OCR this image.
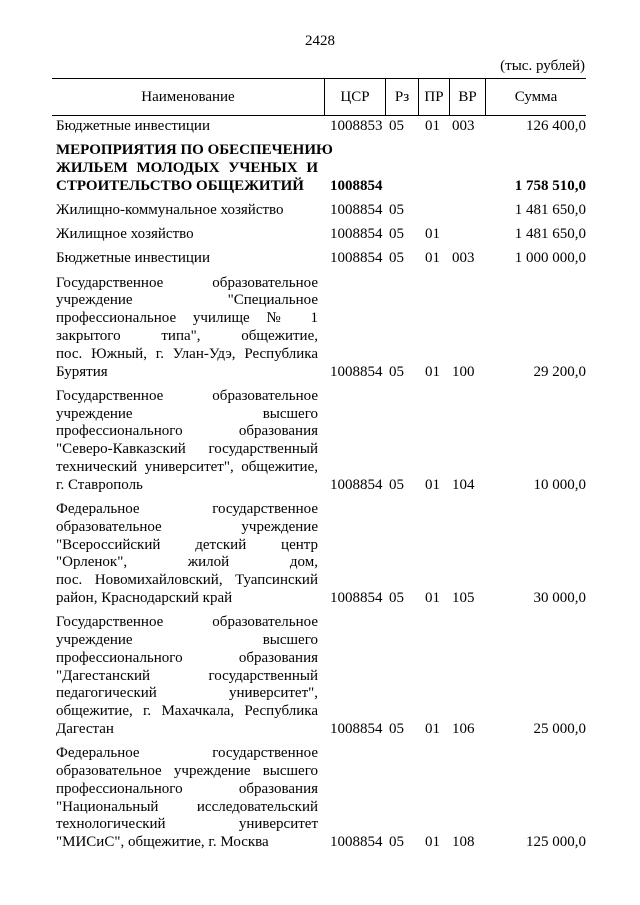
2428
(тыс. рублей)
Наименование	ЦСР	Рз	ПР ВР	Сумма
Бюджетные инвестиции	1008853 05 01 003	126 400,0
МЕРОПРИЯТИЯ ПО ОБЕСПЕЧЕНИЮ
ЖИЛЬЕМ МОЛОДЫХ УЧЕНЫХ И
СТРОИТЕЛЬСТВО ОБЩЕЖИТИЙ	1008854	1 758 510,0
Жилищно-коммунальное хозяйство	1008854 05	1 481 650,0
Жилищное хозяйство	1008854 05 01	1 481 650,0
Бюджетные инвестиции	1008854 05 01 003	1 000 000,0
Государственное образовательное
учреждение "Специальное
профессиональное училище № 1
закрытого типа", общежитие,
пос. Южный, г. Улан-Удэ, Республика
Бурятия	1008854 05 01 100	29 200,0
Государственное образовательное
учреждение высшего
профессионального образования
"Северо-Кавказский государственный
технический университет", общежитие,
г. Ставрополь	1008854 05 01 104	10 000,0
Федеральное государственное
образовательное учреждение
"Всероссийский детский центр
"Орленок", жилой дом,
пос. Новомихайловский, Туапсинский
район, Краснодарский край	1008854 05 01 105	30 000,0
Государственное образовательное
учреждение высшего
профессионального образования
"Дагестанский государственный
педагогический университет",
общежитие, г. Махачкала, Республика
Дагестан	1008854 05 01 106	25 000,0
Федеральное государственное
образовательное учреждение высшего
профессионального образования
"Национальный исследовательский
технологический университет
"МИСиС", общежитие, г. Москва	1008854 05 01 108	125 000,0
